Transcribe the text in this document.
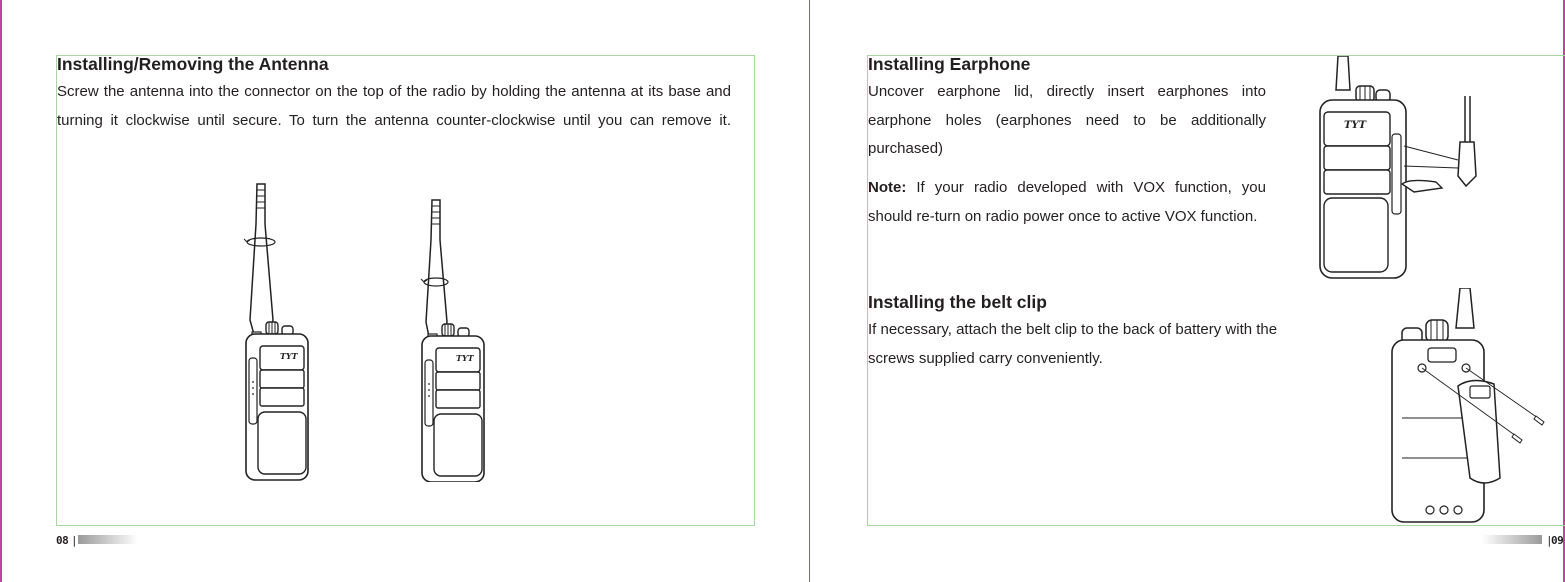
Installing/Removing the Antenna

Screw the antenna into the connector on the top of the radio by holding the antenna at its base and turning it clockwise until secure. To turn the antenna counter-clockwise until you can remove it.

08 |
Installing Earphone

Uncover earphone lid, directly insert earphones into earphone holes (earphones need to be additionally purchased)

Note: If your radio developed with VOX function, you should re-turn on radio power once to active VOX function.

TYT
Installing the belt clip

If necessary, attach the belt clip to the back of battery with the screws supplied carry conveniently.

|
09
